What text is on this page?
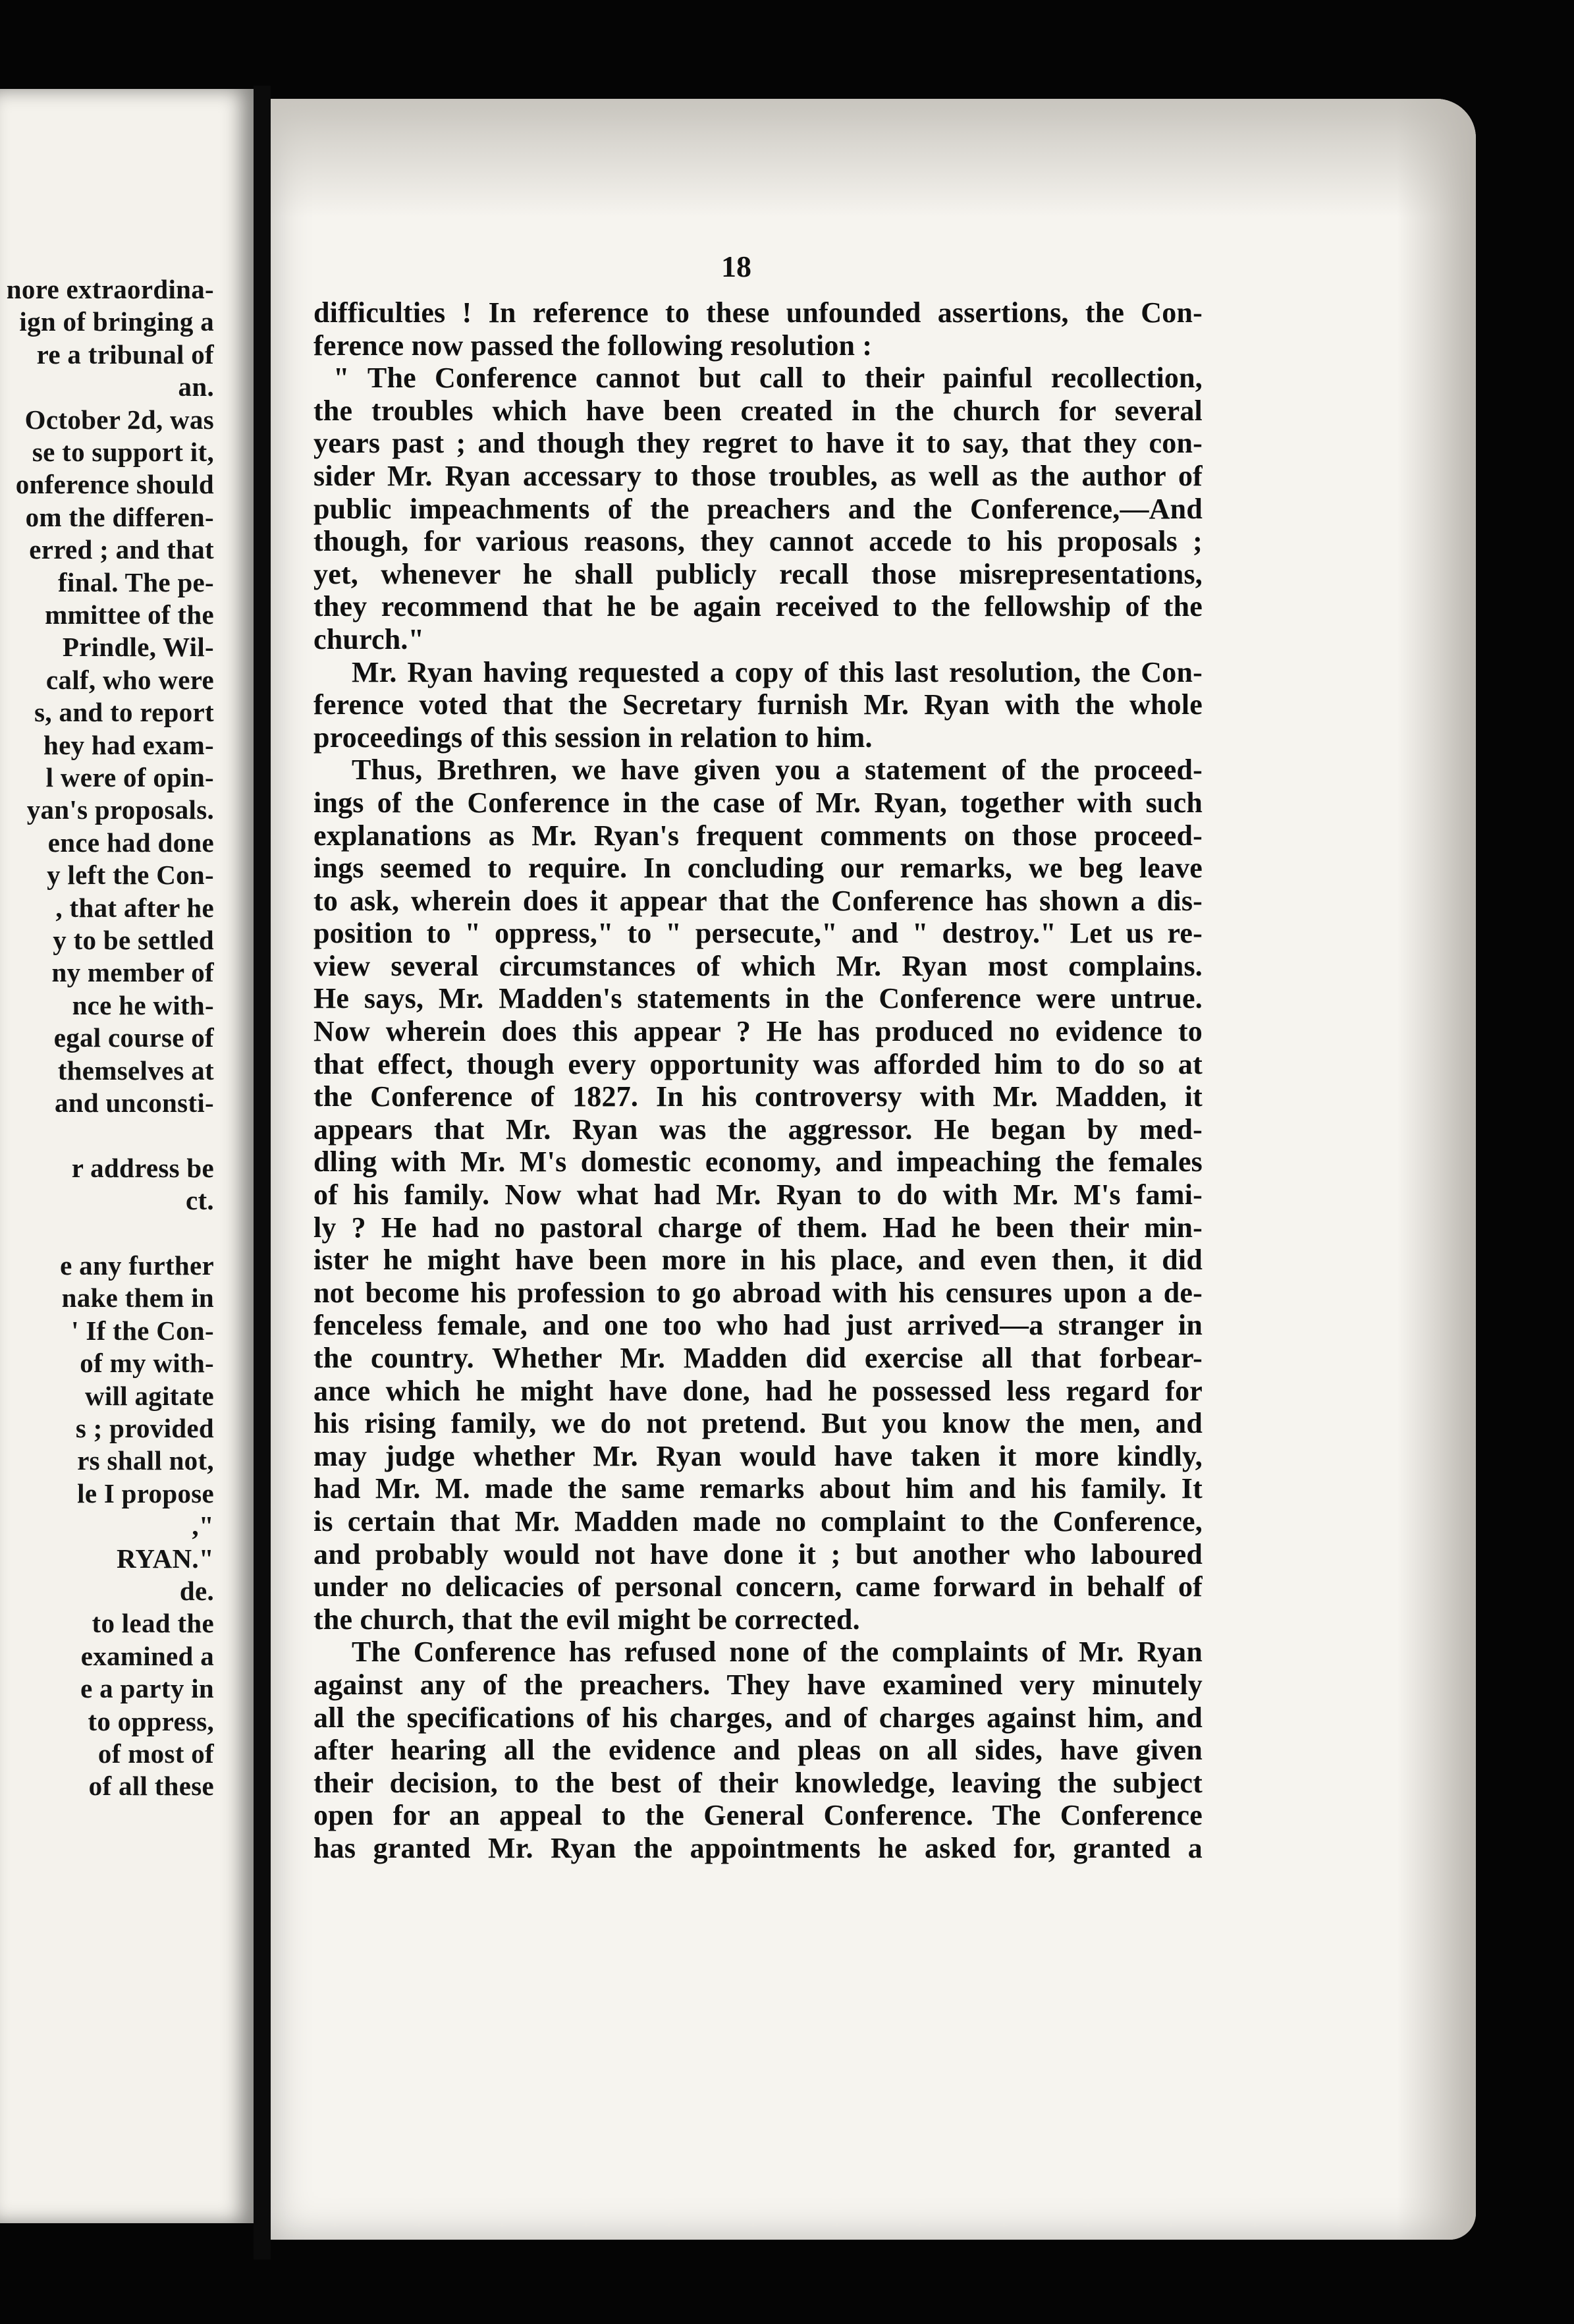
nore extraordina-
ign of bringing a
re a tribunal of
an.
October 2d, was
se to support it,
onference should
om the differen-
erred ; and that
final. The pe-
mmittee of the
Prindle, Wil-
calf, who were
s, and to report
hey had exam-
l were of opin-
yan's proposals.
ence had done
y left the Con-
, that after he
y to be settled
ny member of
nce he with-
egal course of
themselves at
and unconsti-
r address be
ct.
e any further
nake them in
' If the Con-
of my with-
will agitate
s ; provided
rs shall not,
le I propose
,"
RYAN."
de.
to lead the
examined a
e a party in
to oppress,
of most of
of all these
18
difficulties ! In reference to these unfounded assertions, the Con-
ference now passed the following resolution :
" The Conference cannot but call to their painful recollection,
the troubles which have been created in the church for several
years past ; and though they regret to have it to say, that they con-
sider Mr. Ryan accessary to those troubles, as well as the author of
public impeachments of the preachers and the Conference,—And
though, for various reasons, they cannot accede to his proposals ;
yet, whenever he shall publicly recall those misrepresentations,
they recommend that he be again received to the fellowship of the
church."
Mr. Ryan having requested a copy of this last resolution, the Con-
ference voted that the Secretary furnish Mr. Ryan with the whole
proceedings of this session in relation to him.
Thus, Brethren, we have given you a statement of the proceed-
ings of the Conference in the case of Mr. Ryan, together with such
explanations as Mr. Ryan's frequent comments on those proceed-
ings seemed to require. In concluding our remarks, we beg leave
to ask, wherein does it appear that the Conference has shown a dis-
position to " oppress," to " persecute," and " destroy." Let us re-
view several circumstances of which Mr. Ryan most complains.
He says, Mr. Madden's statements in the Conference were untrue.
Now wherein does this appear ? He has produced no evidence to
that effect, though every opportunity was afforded him to do so at
the Conference of 1827. In his controversy with Mr. Madden, it
appears that Mr. Ryan was the aggressor. He began by med-
dling with Mr. M's domestic economy, and impeaching the females
of his family. Now what had Mr. Ryan to do with Mr. M's fami-
ly ? He had no pastoral charge of them. Had he been their min-
ister he might have been more in his place, and even then, it did
not become his profession to go abroad with his censures upon a de-
fenceless female, and one too who had just arrived—a stranger in
the country. Whether Mr. Madden did exercise all that forbear-
ance which he might have done, had he possessed less regard for
his rising family, we do not pretend. But you know the men, and
may judge whether Mr. Ryan would have taken it more kindly,
had Mr. M. made the same remarks about him and his family. It
is certain that Mr. Madden made no complaint to the Conference,
and probably would not have done it ; but another who laboured
under no delicacies of personal concern, came forward in behalf of
the church, that the evil might be corrected.
The Conference has refused none of the complaints of Mr. Ryan
against any of the preachers. They have examined very minutely
all the specifications of his charges, and of charges against him, and
after hearing all the evidence and pleas on all sides, have given
their decision, to the best of their knowledge, leaving the subject
open for an appeal to the General Conference. The Conference
has granted Mr. Ryan the appointments he asked for, granted a
